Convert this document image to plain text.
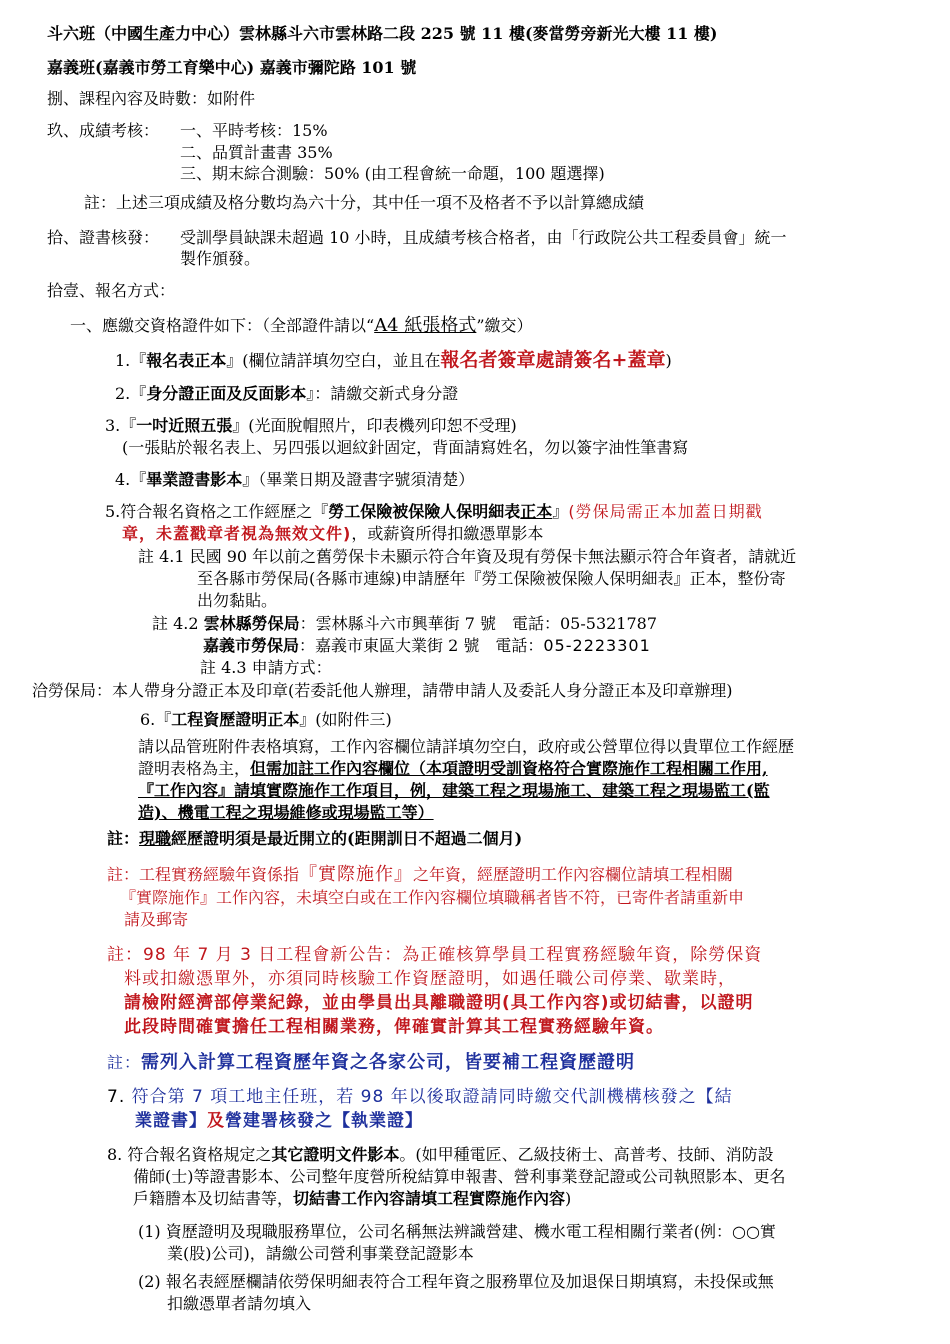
斗六班（中國生產力中心）雲林縣斗六市雲林路二段 225 號 11 樓(麥當勞旁新光大樓 11 樓)
嘉義班(嘉義市勞工育樂中心) 嘉義市彌陀路 101 號
捌、課程內容及時數：如附件
玖、成績考核： 一、平時考核：15%
二、品質計畫書 35%
三、期末綜合測驗：50% (由工程會統一命題，100 題選擇)
註：上述三項成績及格分數均為六十分，其中任一項不及格者不予以計算總成績
拾、證書核發： 受訓學員缺課未超過 10 小時，且成績考核合格者，由「行政院公共工程委員會」統一
製作頒發。
拾壹、報名方式：
一、應繳交資格證件如下：（全部證件請以“A4 紙張格式”繳交）
1.『報名表正本』(欄位請詳填勿空白，並且在報名者簽章處請簽名+蓋章)
2.『身分證正面及反面影本』：請繳交新式身分證
3.『一吋近照五張』(光面脫帽照片，印表機列印恕不受理)
(一張貼於報名表上、另四張以迴紋針固定，背面請寫姓名，勿以簽字油性筆書寫
4.『畢業證書影本』（畢業日期及證書字號須清楚）
5.符合報名資格之工作經歷之『勞工保險被保險人保明細表正本』(勞保局需正本加蓋日期戳
章，未蓋戳章者視為無效文件)，或薪資所得扣繳憑單影本
註 4.1 民國 90 年以前之舊勞保卡未顯示符合年資及現有勞保卡無法顯示符合年資者，請就近
至各縣市勞保局(各縣市連線)申請歷年『勞工保險被保險人保明細表』正本，整份寄
出勿黏貼。
註 4.2 雲林縣勞保局：雲林縣斗六市興華街 7 號　電話：05-5321787
嘉義市勞保局：嘉義市東區大業街 2 號　電話：05-2223301
註 4.3 申請方式：
洽勞保局：本人帶身分證正本及印章(若委託他人辦理，請帶申請人及委託人身分證正本及印章辦理)
6.『工程資歷證明正本』(如附件三)
請以品管班附件表格填寫，工作內容欄位請詳填勿空白，政府或公營單位得以貴單位工作經歷
證明表格為主，但需加註工作內容欄位（本項證明受訓資格符合實際施作工程相關工作用,
『工作內容』請填實際施作工作項目，例，建築工程之現場施工、建築工程之現場監工(監
造)、機電工程之現場維修或現場監工等）
註：現職經歷證明須是最近開立的(距開訓日不超過二個月)
註：工程實務經驗年資係指『實際施作』之年資，經歷證明工作內容欄位請填工程相關
『實際施作』工作內容，未填空白或在工作內容欄位填職稱者皆不符，已寄件者請重新申
請及郵寄
註：98 年 7 月 3 日工程會新公告：為正確核算學員工程實務經驗年資，除勞保資
料或扣繳憑單外，亦須同時核驗工作資歷證明，如遇任職公司停業、歇業時，
請檢附經濟部停業紀錄，並由學員出具離職證明(具工作內容)或切結書，以證明
此段時間確實擔任工程相關業務，俾確實計算其工程實務經驗年資。
註：需列入計算工程資歷年資之各家公司，皆要補工程資歷證明
7. 符合第 7 項工地主任班，若 98 年以後取證請同時繳交代訓機構核發之【結
業證書】及營建署核發之【執業證】
8. 符合報名資格規定之其它證明文件影本。(如甲種電匠、乙級技術士、高普考、技師、消防設
備師(士)等證書影本、公司整年度營所稅結算申報書、營利事業登記證或公司執照影本、更名
戶籍謄本及切結書等，切結書工作內容請填工程實際施作內容)
(1) 資歷證明及現職服務單位，公司名稱無法辨識營建、機水電工程相關行業者(例：○○實
業(股)公司)，請繳公司營利事業登記證影本
(2) 報名表經歷欄請依勞保明細表符合工程年資之服務單位及加退保日期填寫，未投保或無
扣繳憑單者請勿填入
